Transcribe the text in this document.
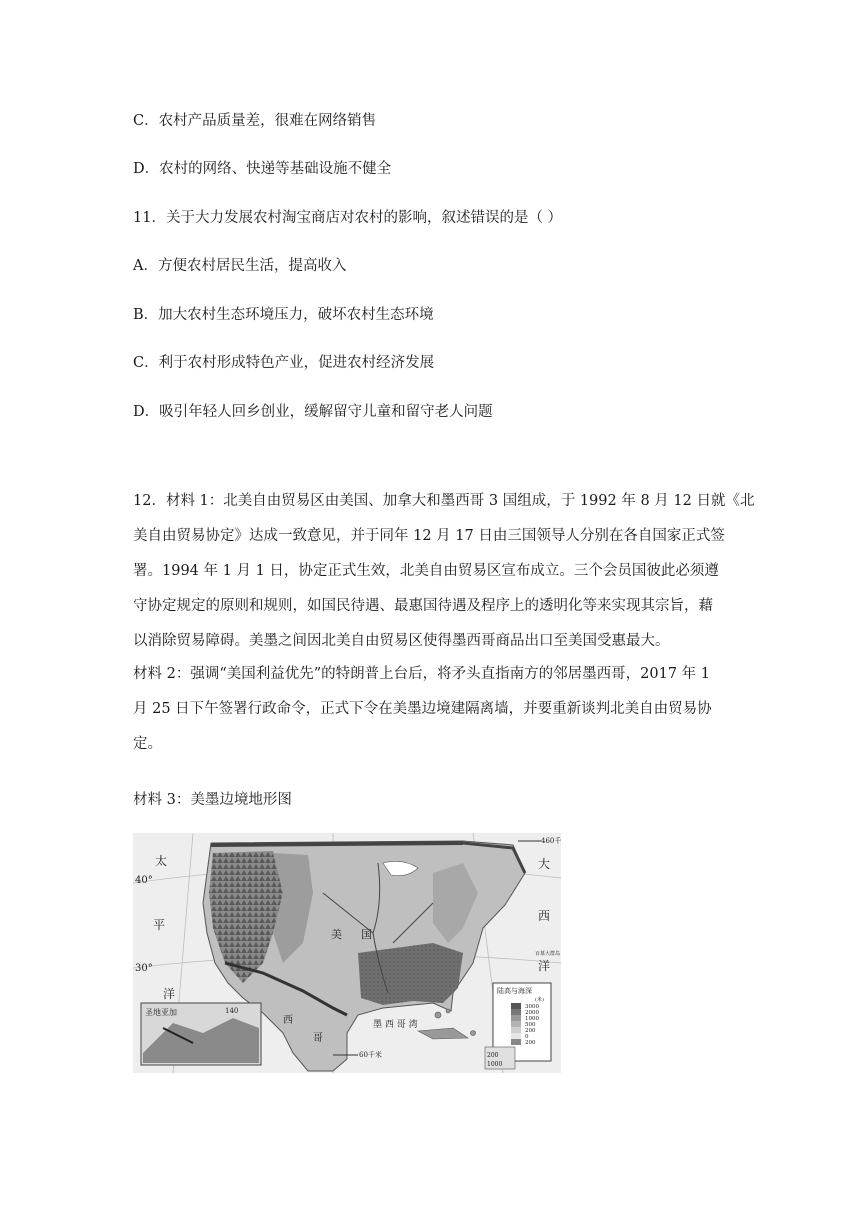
C．农村产品质量差，很难在网络销售
D．农村的网络、快递等基础设施不健全
11．关于大力发展农村淘宝商店对农村的影响，叙述错误的是（ ）
A．方便农村居民生活，提高收入
B．加大农村生态环境压力，破坏农村生态环境
C．利于农村形成特色产业，促进农村经济发展
D．吸引年轻人回乡创业，缓解留守儿童和留守老人问题
12．材料 1：北美自由贸易区由美国、加拿大和墨西哥 3 国组成，于 1992 年 8 月 12 日就《北
美自由贸易协定》达成一致意见，并于同年 12 月 17 日由三国领导人分别在各自国家正式签
署。1994 年 1 月 1 日，协定正式生效，北美自由贸易区宣布成立。三个会员国彼此必须遵
守协定规定的原则和规则，如国民待遇、最惠国待遇及程序上的透明化等来实现其宗旨，藉
以消除贸易障碍。美墨之间因北美自由贸易区使得墨西哥商品出口至美国受惠最大。
材料 2：强调“美国利益优先”的特朗普上台后，将矛头直指南方的邻居墨西哥，2017 年 1
月 25 日下午签署行政命令，正式下令在美墨边境建隔离墙，并要重新谈判北美自由贸易协
定。
材料 3：美墨边境地形图
圣地亚加	140
陆高与海深
(米)
3000
2000
1000
500
200
0
200
200
1000
460千
60千米
40°
30°
太
平
洋
大
西
洋
美 国
墨 西 哥 湾
西
哥
百慕大群岛
